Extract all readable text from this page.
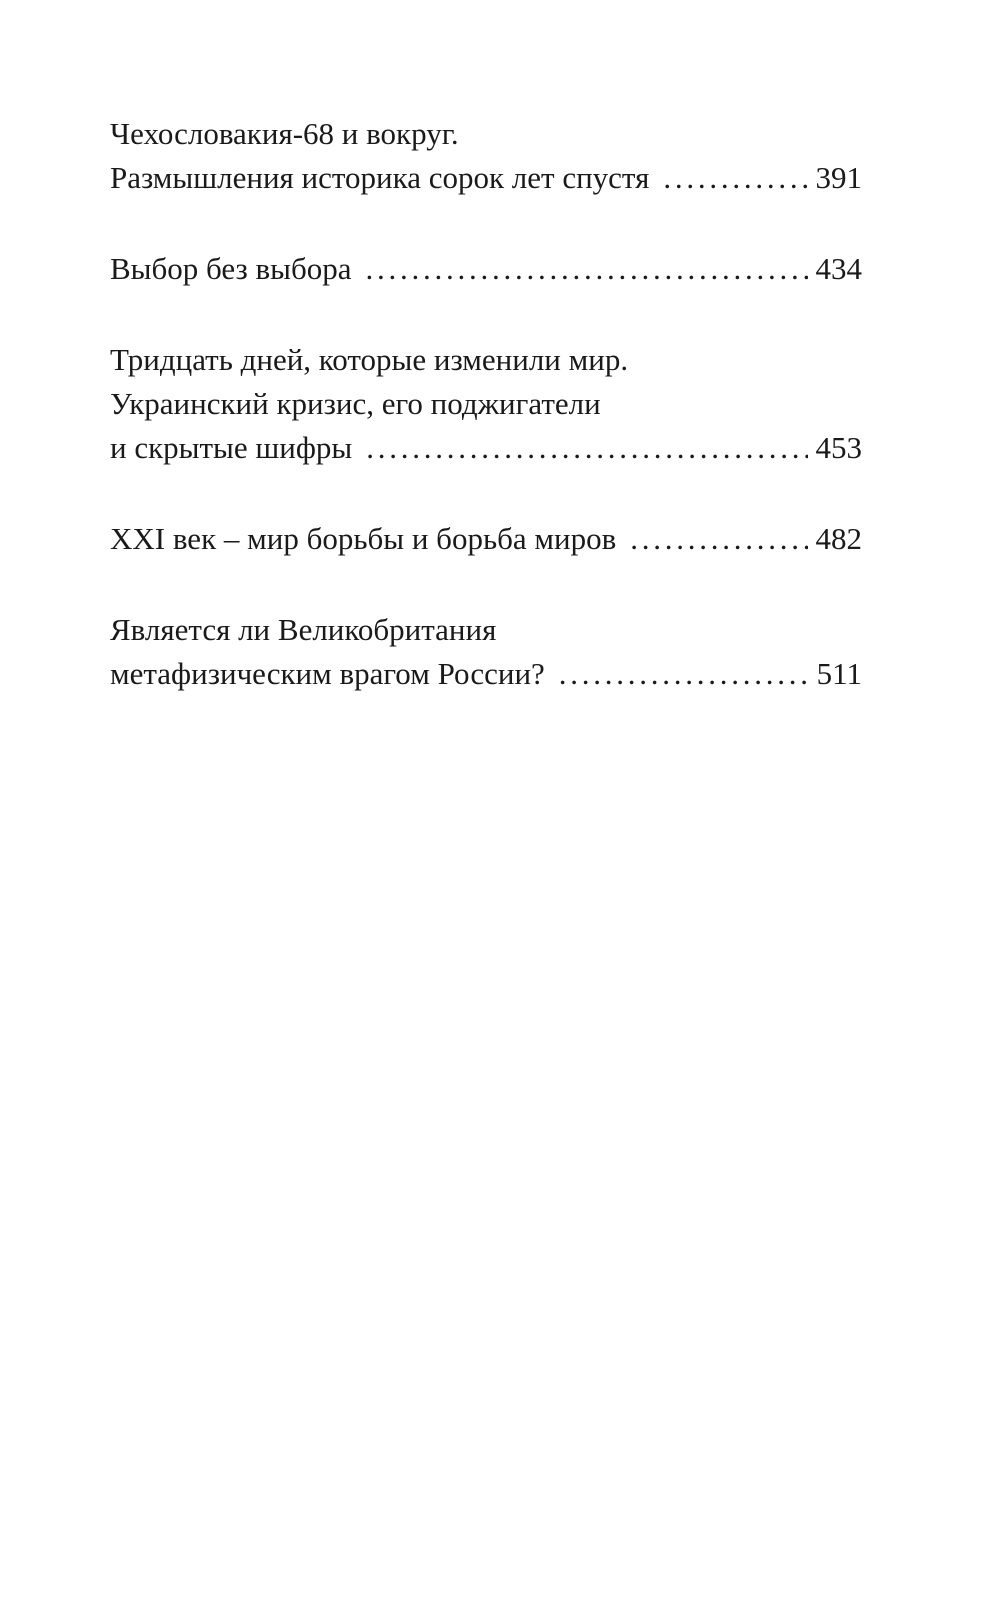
Чехословакия-68 и вокруг.
Размышления историка сорок лет спустя . . .	391
Выбор без выбора . . .	434
Тридцать дней, которые изменили мир.
Украинский кризис, его поджигатели
и скрытые шифры . . .	453
XXI век – мир борьбы и борьба миров . . .	482
Является ли Великобритания
метафизическим врагом России? . . .	511
